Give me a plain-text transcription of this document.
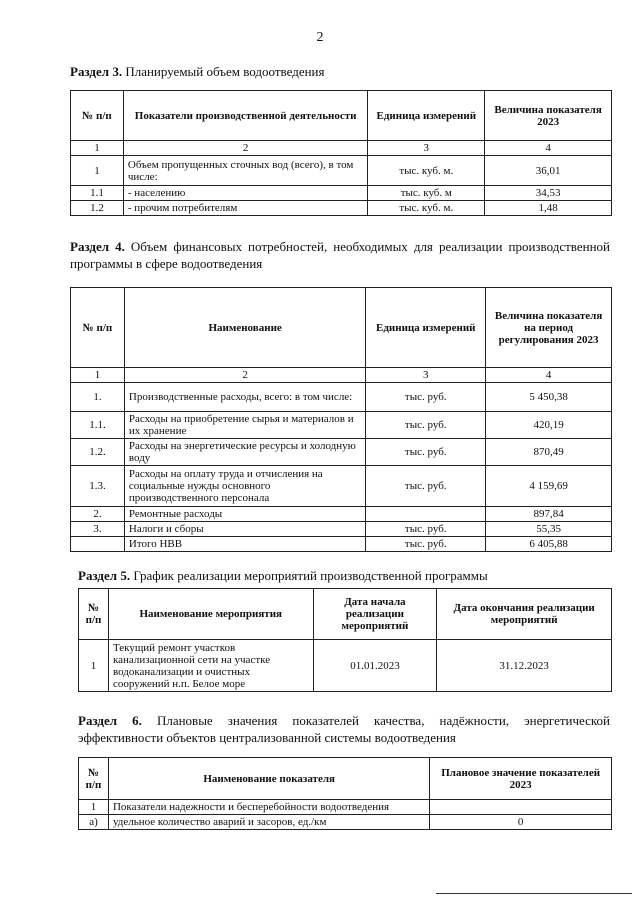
2
Раздел 3. Планируемый объем водоотведения
№ п/п	Показатели производственной деятельности	Единица измерений	Величина показателя 2023
1	2	3	4
1	Объем пропущенных сточных вод (всего), в том числе:	тыс. куб. м.	36,01
1.1	- населению	тыс. куб. м	34,53
1.2	- прочим потребителям	тыс. куб. м.	1,48
Раздел 4. Объем финансовых потребностей, необходимых для реализации производственной программы в сфере водоотведения
№ п/п	Наименование	Единица измерений	Величина показателя на период регулирования 2023
1	2	3	4
1.	Производственные расходы, всего: в том числе:	тыс. руб.	5 450,38
1.1.	Расходы на приобретение сырья и материалов и их хранение	тыс. руб.	420,19
1.2.	Расходы на энергетические ресурсы и холодную воду	тыс. руб.	870,49
1.3.	Расходы на оплату труда и отчисления на социальные нужды основного производственного персонала	тыс. руб.	4 159,69
2.	Ремонтные расходы		897,84
3.	Налоги и сборы	тыс. руб.	55,35
	Итого НВВ	тыс. руб.	6 405,88
Раздел 5. График реализации мероприятий производственной программы
№ п/п	Наименование мероприятия	Дата начала реализации мероприятий	Дата окончания реализации мероприятий
1	Текущий ремонт участков канализационной сети на участке водоканализации и очистных сооружений н.п. Белое море	01.01.2023	31.12.2023
Раздел 6. Плановые значения показателей качества, надёжности, энергетической эффективности объектов централизованной системы водоотведения
№ п/п	Наименование показателя	Плановое значение показателей 2023
1	Показатели надежности и бесперебойности водоотведения	
а)	удельное количество аварий и засоров, ед./км	0
